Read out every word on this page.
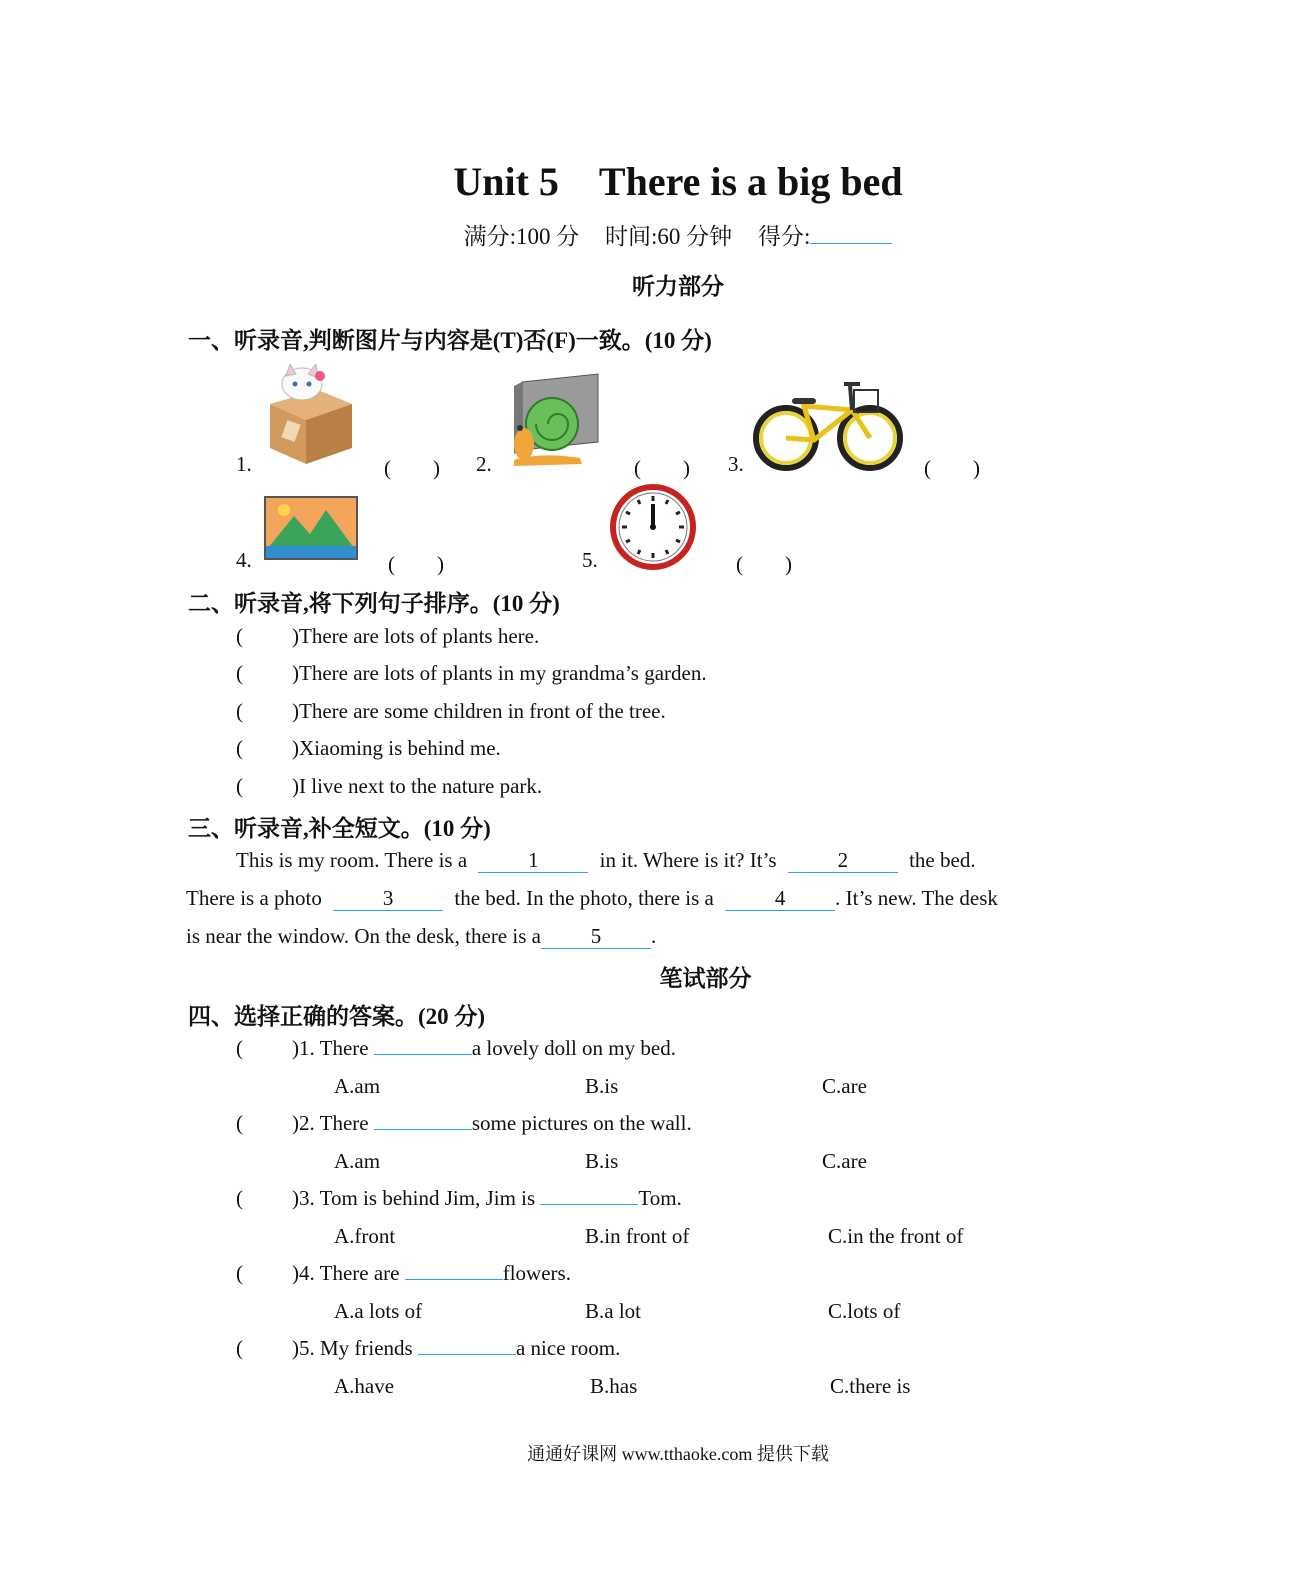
Unit 5 There is a big bed
满分:100 分 时间:60 分钟 得分:
听力部分
一、听录音,判断图片与内容是(T)否(F)一致。(10 分)
1.	(　　) 2.	(　　) 3.	(　　)
4.	(　　)	5.	(　　)
二、听录音,将下列句子排序。(10 分)
( )There are lots of plants here.
( )There are lots of plants in my grandma’s garden.
( )There are some children in front of the tree.
( )Xiaoming is behind me.
( )I live next to the nature park.
三、听录音,补全短文。(10 分)
This is my room. There is a	1	in it. Where is it? It’s	2	the bed.
There is a photo	3	the bed. In the photo, there is a	4 . It’s new. The desk
is near the window. On the desk, there is a 5 .
笔试部分
四、选择正确的答案。(20 分)
( )1. There	a lovely doll on my bed.
A.am	B.is	C.are
( )2. There	some pictures on the wall.
A.am	B.is	C.are
( )3. Tom is behind Jim, Jim is	Tom.
A.front	B.in front of	C.in the front of
( )4. There are	flowers.
A.a lots of	B.a lot	C.lots of
( )5. My friends	a nice room.
A.have	B.has	C.there is
通通好课网 www.tthaoke.com 提供下载
